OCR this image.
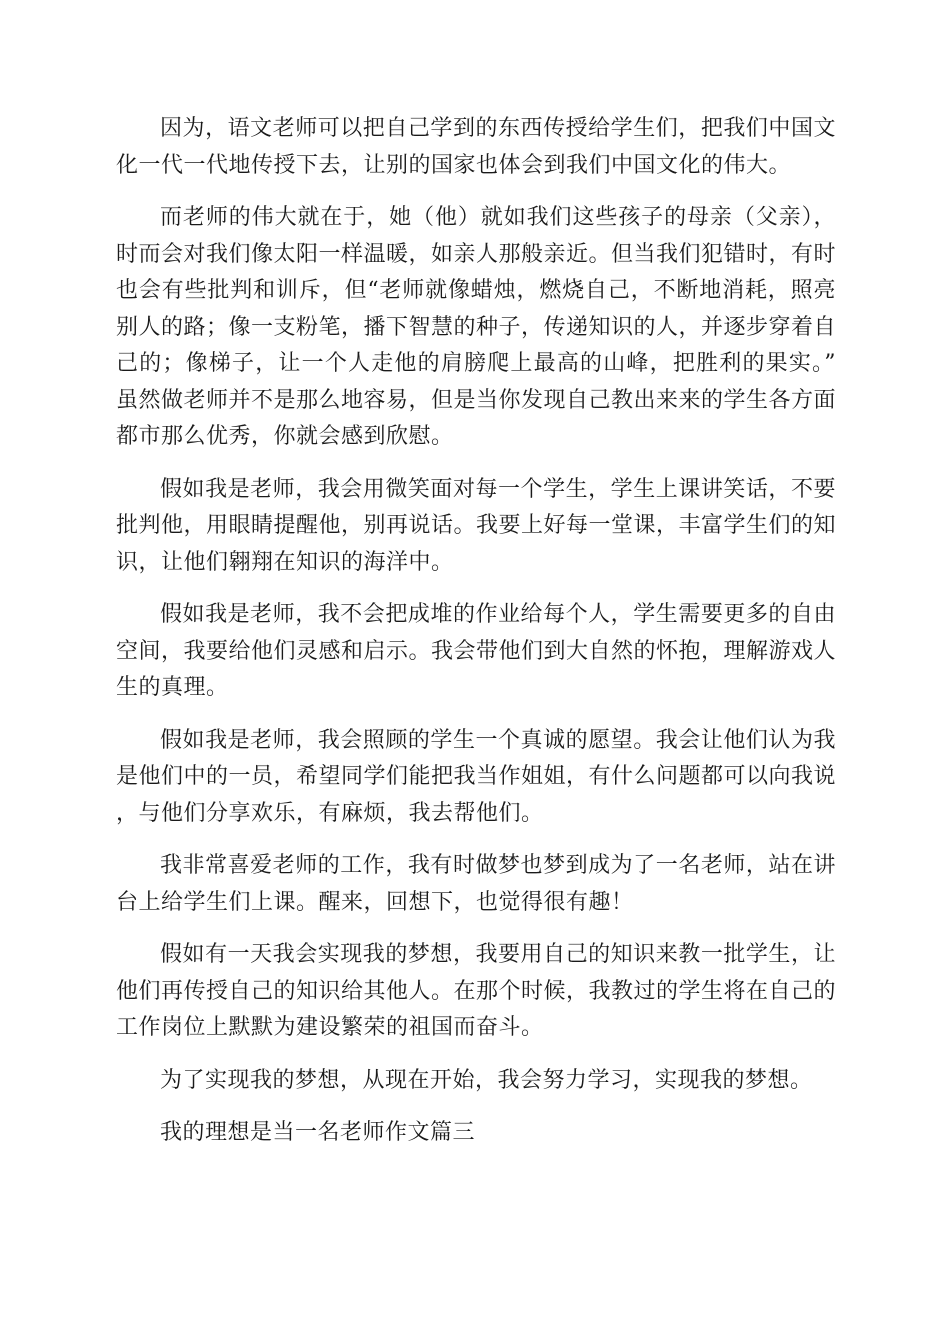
因为，语文老师可以把自己学到的东西传授给学生们，把我们中国文化一代一代地传授下去，让别的国家也体会到我们中国文化的伟大。

而老师的伟大就在于，她（他）就如我们这些孩子的母亲（父亲），时而会对我们像太阳一样温暖，如亲人那般亲近。但当我们犯错时，有时也会有些批判和训斥，但“老师就像蜡烛，燃烧自己，不断地消耗，照亮别人的路；像一支粉笔，播下智慧的种子，传递知识的人，并逐步穿着自己的；像梯子，让一个人走他的肩膀爬上最高的山峰，把胜利的果实。”虽然做老师并不是那么地容易，但是当你发现自己教出来来的学生各方面都市那么优秀，你就会感到欣慰。

假如我是老师，我会用微笑面对每一个学生，学生上课讲笑话，不要批判他，用眼睛提醒他，别再说话。我要上好每一堂课，丰富学生们的知识，让他们翱翔在知识的海洋中。

假如我是老师，我不会把成堆的作业给每个人，学生需要更多的自由空间，我要给他们灵感和启示。我会带他们到大自然的怀抱，理解游戏人生的真理。

假如我是老师，我会照顾的学生一个真诚的愿望。我会让他们认为我是他们中的一员，希望同学们能把我当作姐姐，有什么问题都可以向我说，与他们分享欢乐，有麻烦，我去帮他们。

我非常喜爱老师的工作，我有时做梦也梦到成为了一名老师，站在讲台上给学生们上课。醒来，回想下，也觉得很有趣！

假如有一天我会实现我的梦想，我要用自己的知识来教一批学生，让他们再传授自己的知识给其他人。在那个时候，我教过的学生将在自己的工作岗位上默默为建设繁荣的祖国而奋斗。

为了实现我的梦想，从现在开始，我会努力学习，实现我的梦想。

我的理想是当一名老师作文篇三
